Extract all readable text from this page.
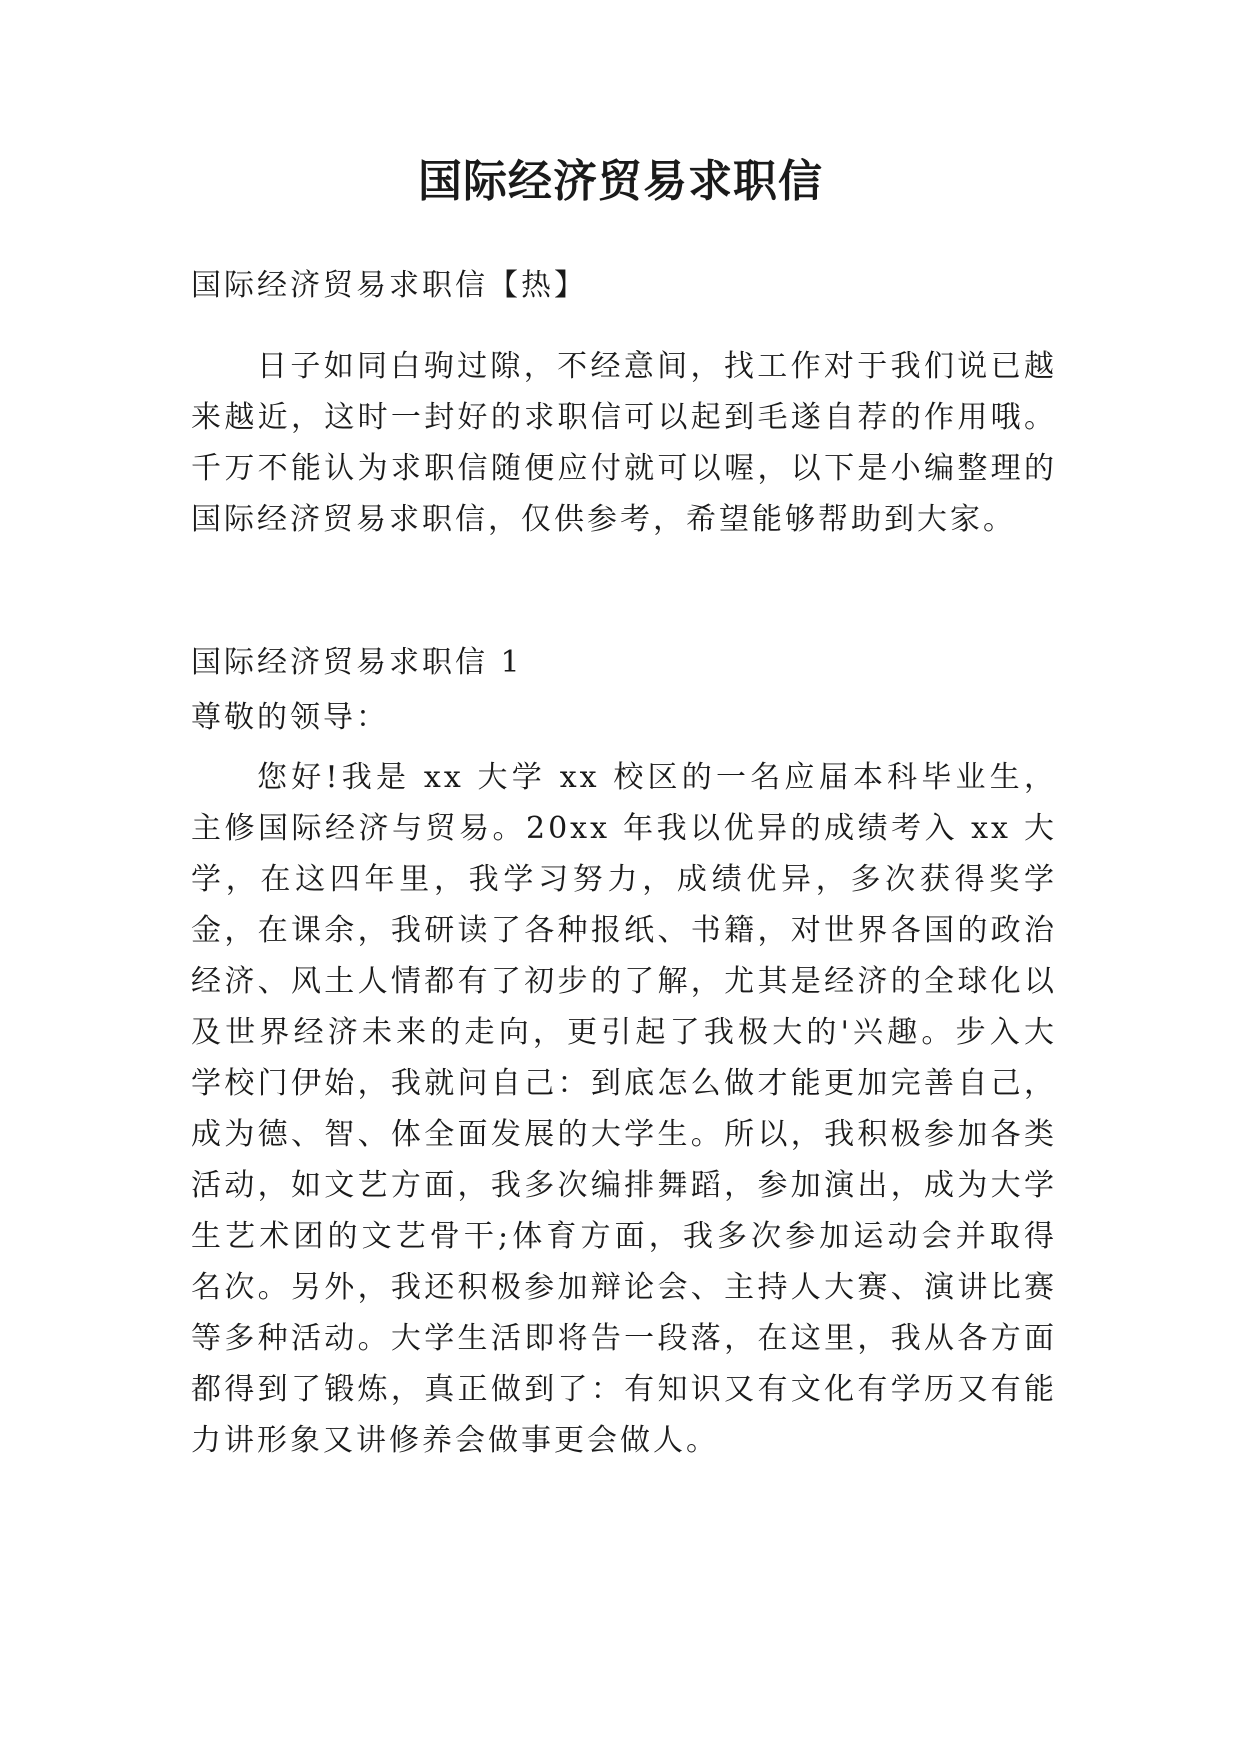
国际经济贸易求职信

国际经济贸易求职信【热】

日子如同白驹过隙，不经意间，找工作对于我们说已越来越近，这时一封好的求职信可以起到毛遂自荐的作用哦。千万不能认为求职信随便应付就可以喔，以下是小编整理的国际经济贸易求职信，仅供参考，希望能够帮助到大家。

国际经济贸易求职信 1

尊敬的领导：

您好!我是 xx 大学 xx 校区的一名应届本科毕业生，主修国际经济与贸易。20xx 年我以优异的成绩考入 xx 大学，在这四年里，我学习努力，成绩优异，多次获得奖学金，在课余，我研读了各种报纸、书籍，对世界各国的政治经济、风土人情都有了初步的了解，尤其是经济的全球化以及世界经济未来的走向，更引起了我极大的'兴趣。步入大学校门伊始，我就问自己：到底怎么做才能更加完善自己，成为德、智、体全面发展的大学生。所以，我积极参加各类活动，如文艺方面，我多次编排舞蹈，参加演出，成为大学生艺术团的文艺骨干;体育方面，我多次参加运动会并取得名次。另外，我还积极参加辩论会、主持人大赛、演讲比赛等多种活动。大学生活即将告一段落，在这里，我从各方面都得到了锻炼，真正做到了：有知识又有文化有学历又有能力讲形象又讲修养会做事更会做人。
